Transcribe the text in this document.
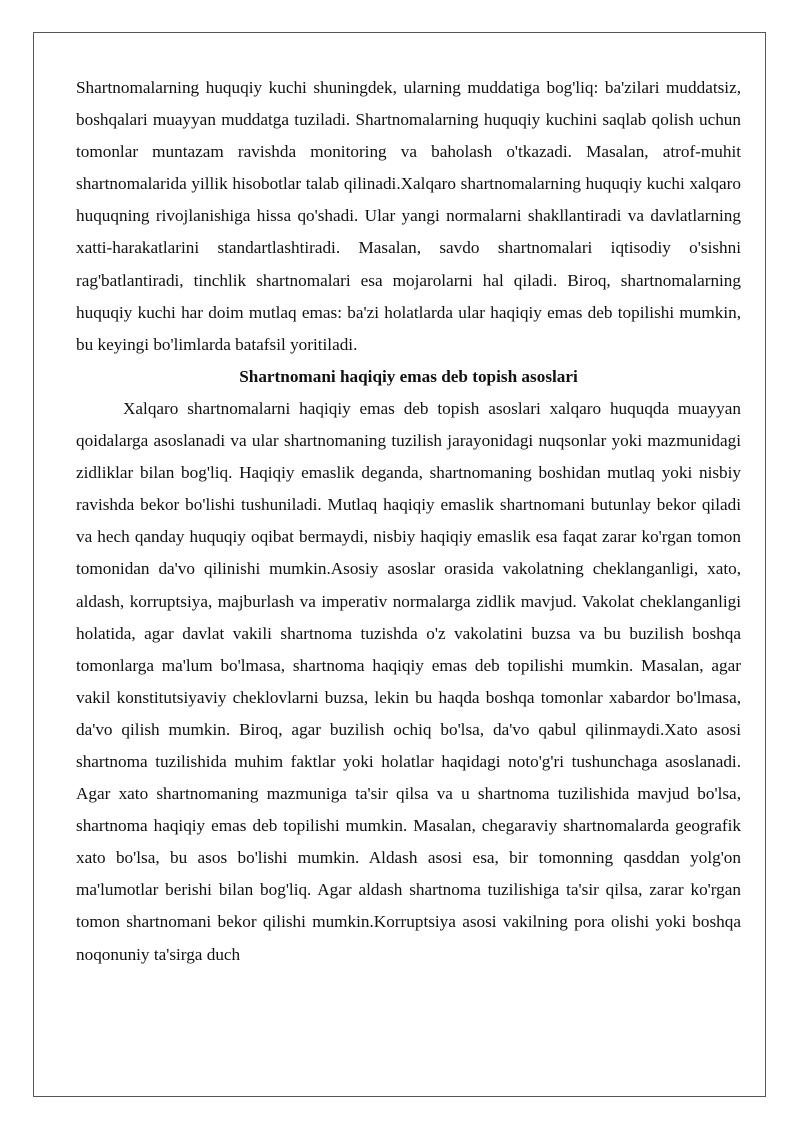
Shartnomalarning huquqiy kuchi shuningdek, ularning muddatiga bog'liq: ba'zilari muddatsiz, boshqalari muayyan muddatga tuziladi. Shartnomalarning huquqiy kuchini saqlab qolish uchun tomonlar muntazam ravishda monitoring va baholash o'tkazadi. Masalan, atrof-muhit shartnomalarida yillik hisobotlar talab qilinadi.Xalqaro shartnomalarning huquqiy kuchi xalqaro huquqning rivojlanishiga hissa qo'shadi. Ular yangi normalarni shakllantiradi va davlatlarning xatti-harakatlarini standartlashtiradi. Masalan, savdo shartnomalari iqtisodiy o'sishni rag'batlantiradi, tinchlik shartnomalari esa mojarolarni hal qiladi. Biroq, shartnomalarning huquqiy kuchi har doim mutlaq emas: ba'zi holatlarda ular haqiqiy emas deb topilishi mumkin, bu keyingi bo'limlarda batafsil yoritiladi.

Shartnomani haqiqiy emas deb topish asoslari

Xalqaro shartnomalarni haqiqiy emas deb topish asoslari xalqaro huquqda muayyan qoidalarga asoslanadi va ular shartnomaning tuzilish jarayonidagi nuqsonlar yoki mazmunidagi zidliklar bilan bog'liq. Haqiqiy emaslik deganda, shartnomaning boshidan mutlaq yoki nisbiy ravishda bekor bo'lishi tushuniladi. Mutlaq haqiqiy emaslik shartnomani butunlay bekor qiladi va hech qanday huquqiy oqibat bermaydi, nisbiy haqiqiy emaslik esa faqat zarar ko'rgan tomon tomonidan da'vo qilinishi mumkin.Asosiy asoslar orasida vakolatning cheklanganligi, xato, aldash, korruptsiya, majburlash va imperativ normalarga zidlik mavjud. Vakolat cheklanganligi holatida, agar davlat vakili shartnoma tuzishda o'z vakolatini buzsa va bu buzilish boshqa tomonlarga ma'lum bo'lmasa, shartnoma haqiqiy emas deb topilishi mumkin. Masalan, agar vakil konstitutsiyaviy cheklovlarni buzsa, lekin bu haqda boshqa tomonlar xabardor bo'lmasa, da'vo qilish mumkin. Biroq, agar buzilish ochiq bo'lsa, da'vo qabul qilinmaydi.Xato asosi shartnoma tuzilishida muhim faktlar yoki holatlar haqidagi noto'g'ri tushunchaga asoslanadi. Agar xato shartnomaning mazmuniga ta'sir qilsa va u shartnoma tuzilishida mavjud bo'lsa, shartnoma haqiqiy emas deb topilishi mumkin. Masalan, chegaraviy shartnomalarda geografik xato bo'lsa, bu asos bo'lishi mumkin. Aldash asosi esa, bir tomonning qasddan yolg'on ma'lumotlar berishi bilan bog'liq. Agar aldash shartnoma tuzilishiga ta'sir qilsa, zarar ko'rgan tomon shartnomani bekor qilishi mumkin.Korruptsiya asosi vakilning pora olishi yoki boshqa noqonuniy ta'sirga duch
